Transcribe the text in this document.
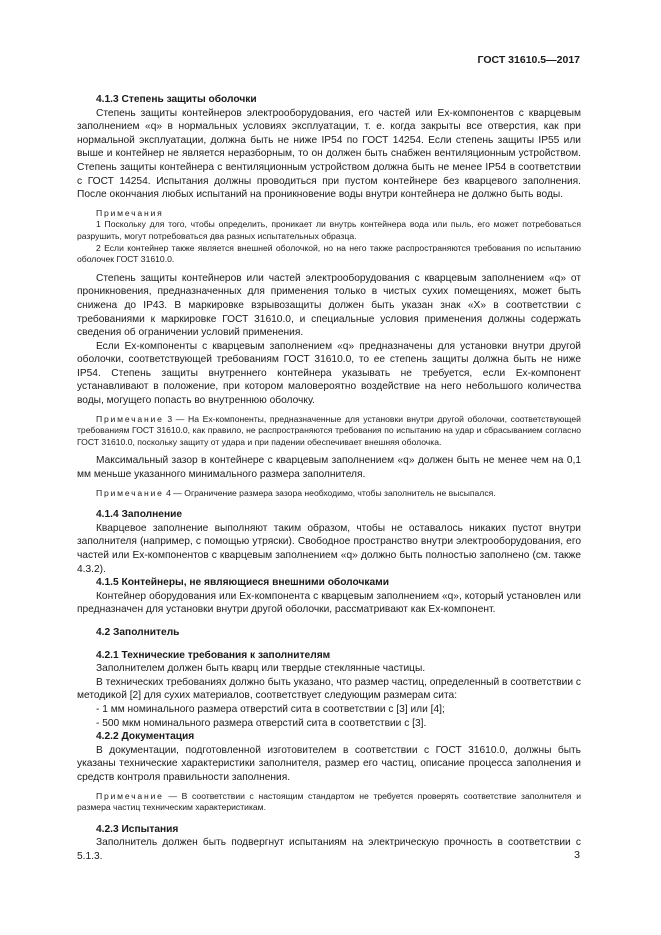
ГОСТ 31610.5—2017

4.1.3 Степень защиты оболочки

Степень защиты контейнеров электрооборудования, его частей или Ex-компонентов с кварцевым заполнением «q» в нормальных условиях эксплуатации, т. е. когда закрыты все отверстия, как при нормальной эксплуатации, должна быть не ниже IP54 по ГОСТ 14254. Если степень защиты IP55 или выше и контейнер не является неразборным, то он должен быть снабжен вентиляционным устройством. Степень защиты контейнера с вентиляционным устройством должна быть не менее IP54 в соответствии с ГОСТ 14254. Испытания должны проводиться при пустом контейнере без кварцевого заполнения. После окончания любых испытаний на проникновение воды внутри контейнера не должно быть воды.

Примечания

1 Поскольку для того, чтобы определить, проникает ли внутрь контейнера вода или пыль, его может потребоваться разрушить, могут потребоваться два разных испытательных образца.

2 Если контейнер также является внешней оболочкой, но на него также распространяются требования по испытанию оболочек ГОСТ 31610.0.

Степень защиты контейнеров или частей электрооборудования с кварцевым заполнением «q» от проникновения, предназначенных для применения только в чистых сухих помещениях, может быть снижена до IP43. В маркировке взрывозащиты должен быть указан знак «X» в соответствии с требованиями к маркировке ГОСТ 31610.0, и специальные условия применения должны содержать сведения об ограничении условий применения.

Если Ex-компоненты с кварцевым заполнением «q» предназначены для установки внутри другой оболочки, соответствующей требованиям ГОСТ 31610.0, то ее степень защиты должна быть не ниже IP54. Степень защиты внутреннего контейнера указывать не требуется, если Ex-компонент устанавливают в положение, при котором маловероятно воздействие на него небольшого количества воды, могущего попасть во внутреннюю оболочку.

Примечание 3 — На Ex-компоненты, предназначенные для установки внутри другой оболочки, соответствующей требованиям ГОСТ 31610.0, как правило, не распространяются требования по испытанию на удар и сбрасыванием согласно ГОСТ 31610.0, поскольку защиту от удара и при падении обеспечивает внешняя оболочка.

Максимальный зазор в контейнере с кварцевым заполнением «q» должен быть не менее чем на 0,1 мм меньше указанного минимального размера заполнителя.

Примечание 4 — Ограничение размера зазора необходимо, чтобы заполнитель не высыпался.

4.1.4 Заполнение

Кварцевое заполнение выполняют таким образом, чтобы не оставалось никаких пустот внутри заполнителя (например, с помощью утряски). Свободное пространство внутри электрооборудования, его частей или Ex-компонентов с кварцевым заполнением «q» должно быть полностью заполнено (см. также 4.3.2).

4.1.5 Контейнеры, не являющиеся внешними оболочками

Контейнер оборудования или Ex-компонента с кварцевым заполнением «q», который установлен или предназначен для установки внутри другой оболочки, рассматривают как Ex-компонент.

4.2 Заполнитель

4.2.1 Технические требования к заполнителям

Заполнителем должен быть кварц или твердые стеклянные частицы.

В технических требованиях должно быть указано, что размер частиц, определенный в соответствии с методикой [2] для сухих материалов, соответствует следующим размерам сита:

- 1 мм номинального размера отверстий сита в соответствии с [3] или [4];

- 500 мкм номинального размера отверстий сита в соответствии с [3].

4.2.2 Документация

В документации, подготовленной изготовителем в соответствии с ГОСТ 31610.0, должны быть указаны технические характеристики заполнителя, размер его частиц, описание процесса заполнения и средств контроля правильности заполнения.

Примечание — В соответствии с настоящим стандартом не требуется проверять соответствие заполнителя и размера частиц техническим характеристикам.

4.2.3 Испытания

Заполнитель должен быть подвергнут испытаниям на электрическую прочность в соответствии с 5.1.3.	3
